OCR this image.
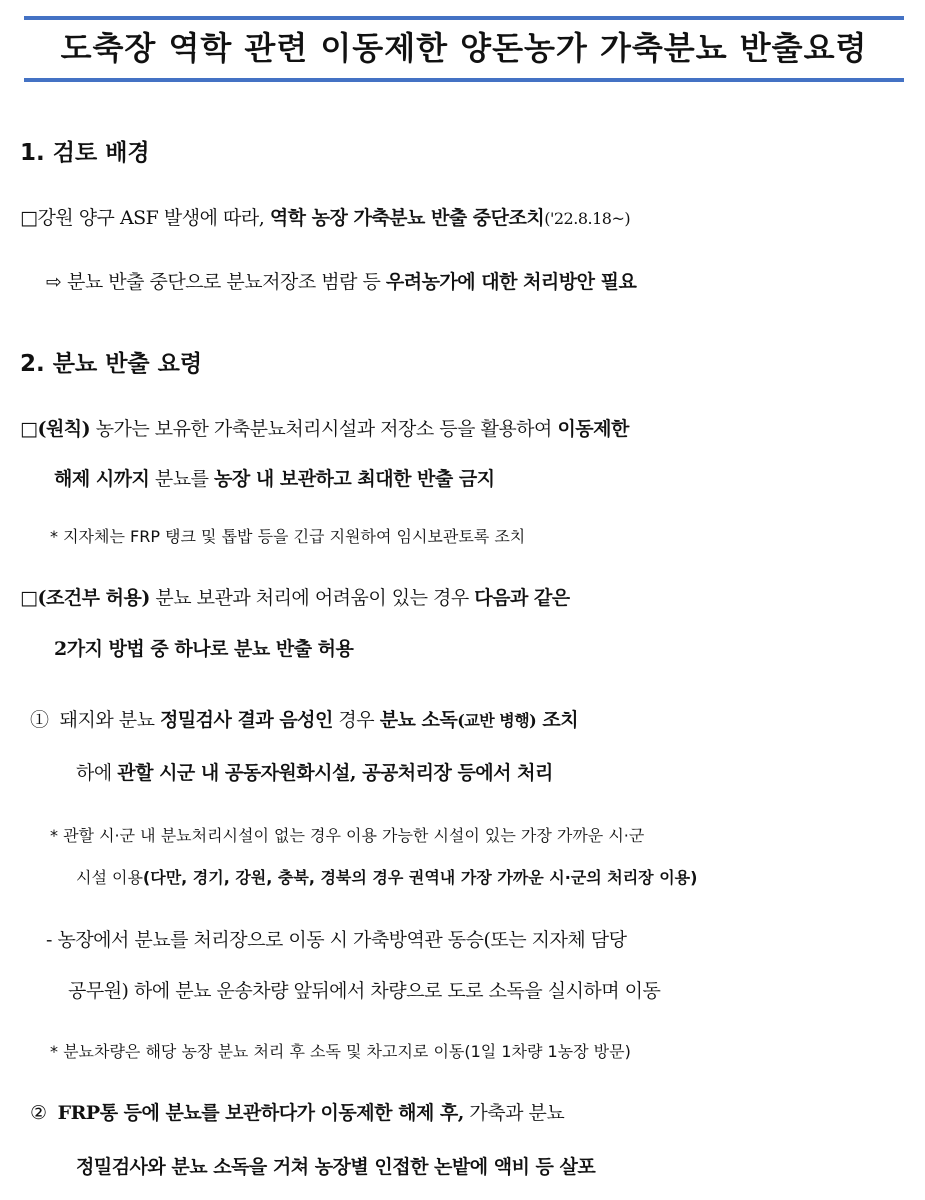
도축장 역학 관련 이동제한 양돈농가 가축분뇨 반출요령
1. 검토 배경
□강원 양구 ASF 발생에 따라, 역학 농장 가축분뇨 반출 중단조치('22.8.18~)
⇨ 분뇨 반출 중단으로 분뇨저장조 범람 등 우려농가에 대한 처리방안 필요
2. 분뇨 반출 요령
□(원칙) 농가는 보유한 가축분뇨처리시설과 저장소 등을 활용하여 이동제한
해제 시까지 분뇨를 농장 내 보관하고 최대한 반출 금지
* 지자체는 FRP 탱크 및 톱밥 등을 긴급 지원하여 임시보관토록 조치
□(조건부 허용) 분뇨 보관과 처리에 어려움이 있는 경우 다음과 같은
2가지 방법 중 하나로 분뇨 반출 허용
① 돼지와 분뇨 정밀검사 결과 음성인 경우 분뇨 소독(교반 병행) 조치
하에 관할 시군 내 공동자원화시설, 공공처리장 등에서 처리
* 관할 시·군 내 분뇨처리시설이 없는 경우 이용 가능한 시설이 있는 가장 가까운 시·군
시설 이용(다만, 경기, 강원, 충북, 경북의 경우 권역내 가장 가까운 시·군의 처리장 이용)
- 농장에서 분뇨를 처리장으로 이동 시 가축방역관 동승(또는 지자체 담당
공무원) 하에 분뇨 운송차량 앞뒤에서 차량으로 도로 소독을 실시하며 이동
* 분뇨차량은 해당 농장 분뇨 처리 후 소독 및 차고지로 이동(1일 1차량 1농장 방문)
② FRP통 등에 분뇨를 보관하다가 이동제한 해제 후, 가축과 분뇨
정밀검사와 분뇨 소독을 거쳐 농장별 인접한 논밭에 액비 등 살포
